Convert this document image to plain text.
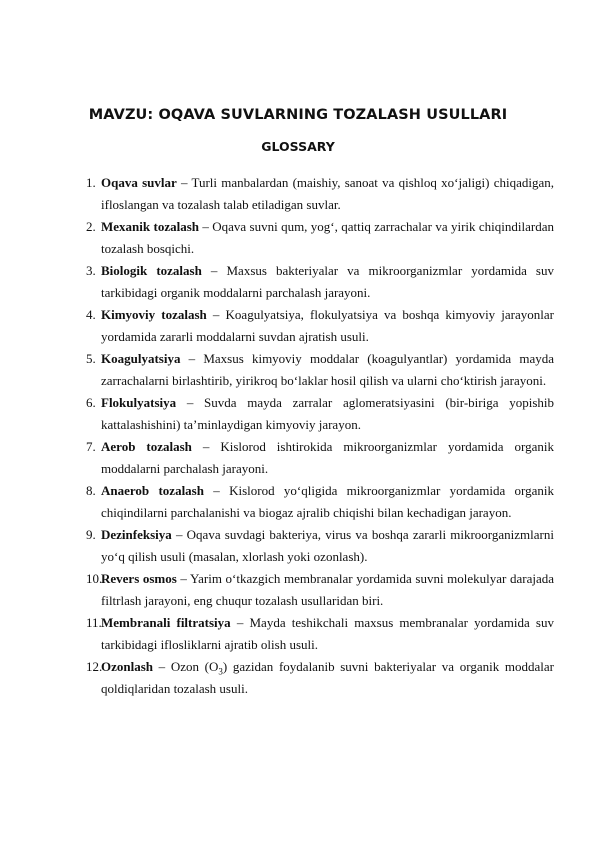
MAVZU: OQAVA SUVLARNING TOZALASH USULLARI
GLOSSARY
1. Oqava suvlar – Turli manbalardan (maishiy, sanoat va qishloq xo‘jaligi) chiqadigan, ifloslangan va tozalash talab etiladigan suvlar.
2. Mexanik tozalash – Oqava suvni qum, yog‘, qattiq zarrachalar va yirik chiqindilardan tozalash bosqichi.
3. Biologik tozalash – Maxsus bakteriyalar va mikroorganizmlar yordamida suv tarkibidagi organik moddalarni parchalash jarayoni.
4. Kimyoviy tozalash – Koagulyatsiya, flokulyatsiya va boshqa kimyoviy jarayonlar yordamida zararli moddalarni suvdan ajratish usuli.
5. Koagulyatsiya – Maxsus kimyoviy moddalar (koagulyantlar) yordamida mayda zarrachalarni birlashtirib, yirikroq bo‘laklar hosil qilish va ularni cho‘ktirish jarayoni.
6. Flokulyatsiya – Suvda mayda zarralar aglomeratsiyasini (bir-biriga yopishib kattalashishini) ta’minlaydigan kimyoviy jarayon.
7. Aerob tozalash – Kislorod ishtirokida mikroorganizmlar yordamida organik moddalarni parchalash jarayoni.
8. Anaerob tozalash – Kislorod yo‘qligida mikroorganizmlar yordamida organik chiqindilarni parchalanishi va biogaz ajralib chiqishi bilan kechadigan jarayon.
9. Dezinfeksiya – Oqava suvdagi bakteriya, virus va boshqa zararli mikroorganizmlarni yo‘q qilish usuli (masalan, xlorlash yoki ozonlash).
10.
Revers osmos – Yarim o‘tkazgich membranalar yordamida suvni molekulyar darajada filtrlash jarayoni, eng chuqur tozalash usullaridan biri.
11. Membranali filtratsiya – Mayda teshikchali maxsus membranalar yordamida suv tarkibidagi iflosliklarni ajratib olish usuli.
12.
Ozonlash – Ozon $(O_3)$ gazidan foydalanib suvni bakteriyalar va organik moddalar qoldiqlaridan tozalash usuli.
